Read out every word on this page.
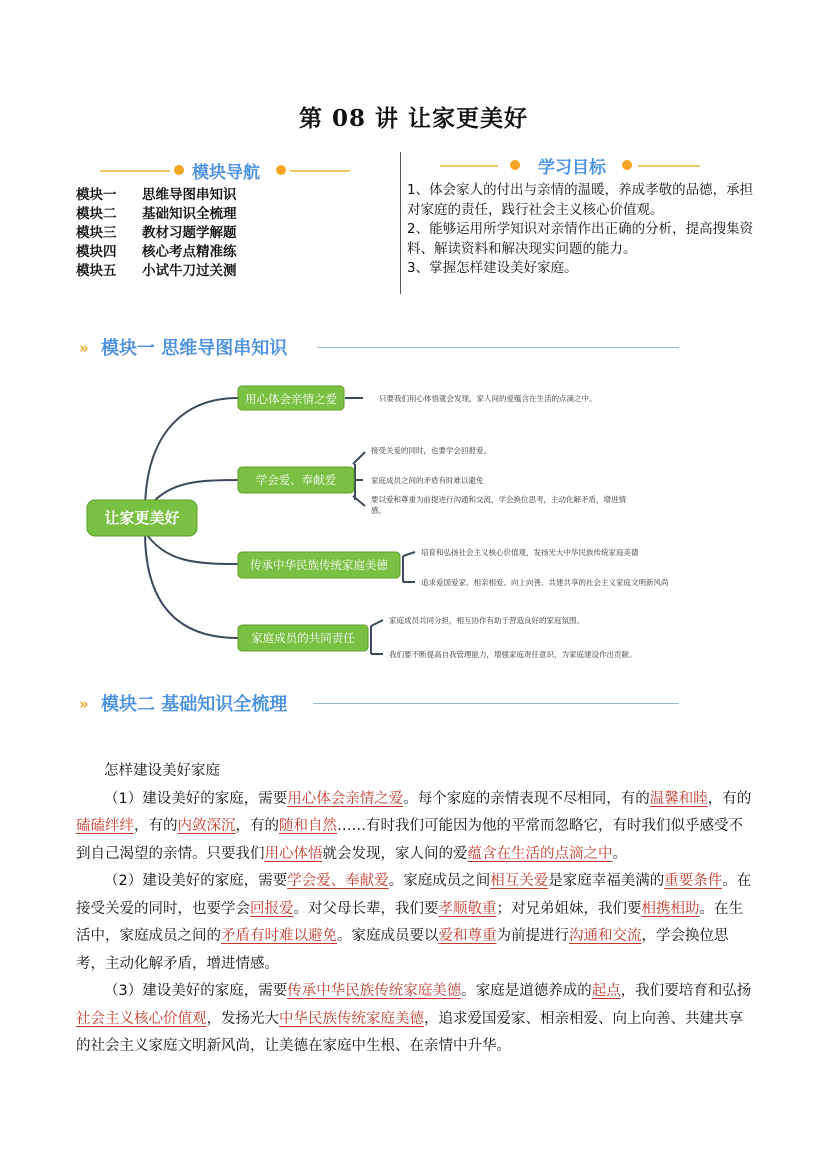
第 08 讲 让家更美好
模块导航
模块一	思维导图串知识
模块二	基础知识全梳理
模块三	教材习题学解题
模块四	核心考点精准练
模块五	小试牛刀过关测
学习目标
1、体会家人的付出与亲情的温暖，养成孝敬的品德，承担对家庭的责任，践行社会主义核心价值观。
2、能够运用所学知识对亲情作出正确的分析，提高搜集资料、解读资料和解决现实问题的能力。
3、掌握怎样建设美好家庭。
» 模块一 思维导图串知识
让家更美好
用心体会亲情之爱
学会爱、奉献爱
传承中华民族传统家庭美德
家庭成员的共同责任
只要我们用心体悟就会发现，家人间的爱蕴含在生活的点滴之中。
接受关爱的同时，也要学会回报爱。
家庭成员之间的矛盾有时难以避免
要以爱和尊重为前提进行沟通和交流，学会换位思考，主动化解矛盾，增进情
感。
培育和弘扬社会主义核心价值观，发扬光大中华民族传统家庭美德
追求爱国爱家、相亲相爱、向上向善、共建共享的社会主义家庭文明新风尚
家庭成员共同分担，相互协作有助于营造良好的家庭氛围。
我们要不断提高自我管理能力，增强家庭责任意识，为家庭建设作出贡献。
» 模块二 基础知识全梳理

怎样建设美好家庭

（1）建设美好的家庭，需要用心体会亲情之爱。每个家庭的亲情表现不尽相同，有的温馨和睦，有的磕磕绊绊，有的内敛深沉，有的随和自然……有时我们可能因为他的平常而忽略它，有时我们似乎感受不到自己渴望的亲情。只要我们用心体悟就会发现，家人间的爱蕴含在生活的点滴之中。

（2）建设美好的家庭，需要学会爱、奉献爱。家庭成员之间相互关爱是家庭幸福美满的重要条件。在接受关爱的同时，也要学会回报爱。对父母长辈，我们要孝顺敬重；对兄弟姐妹，我们要相携相助。在生活中，家庭成员之间的矛盾有时难以避免。家庭成员要以爱和尊重为前提进行沟通和交流，学会换位思考，主动化解矛盾，增进情感。

（3）建设美好的家庭，需要传承中华民族传统家庭美德。家庭是道德养成的起点，我们要培育和弘扬社会主义核心价值观，发扬光大中华民族传统家庭美德，追求爱国爱家、相亲相爱、向上向善、共建共享的社会主义家庭文明新风尚，让美德在家庭中生根、在亲情中升华。
